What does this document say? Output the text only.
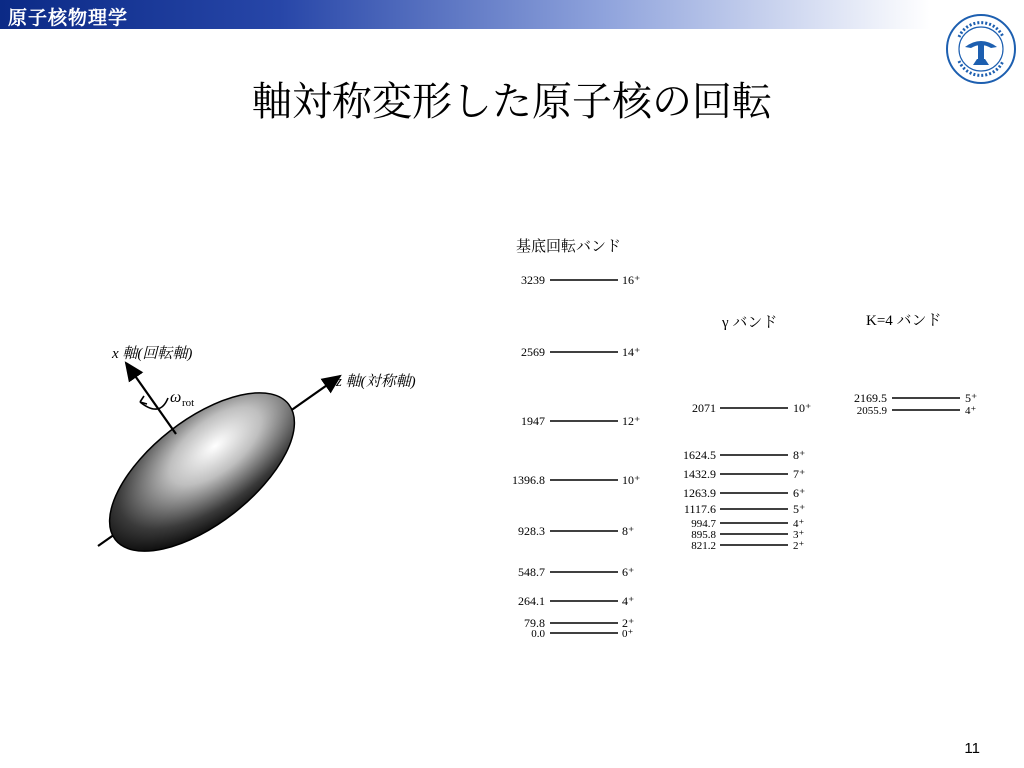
原子核物理学
軸対称変形した原子核の回転
x 軸(回転軸)
z 軸(対称軸)
ω rot
基底回転バンド
3239	16⁺
2569	14⁺
1947	12⁺
1396.8	10⁺
928.3	8⁺
548.7	6⁺
264.1	4⁺
79.8	2⁺
0.0	0⁺
γ バンド
2071	10⁺
1624.5	8⁺
1432.9	7⁺
1263.9	6⁺
1117.6	5⁺
994.7	4⁺
895.8	3⁺
821.2	2⁺
K=4 バンド
2169.5	5⁺
2055.9	4⁺
11
